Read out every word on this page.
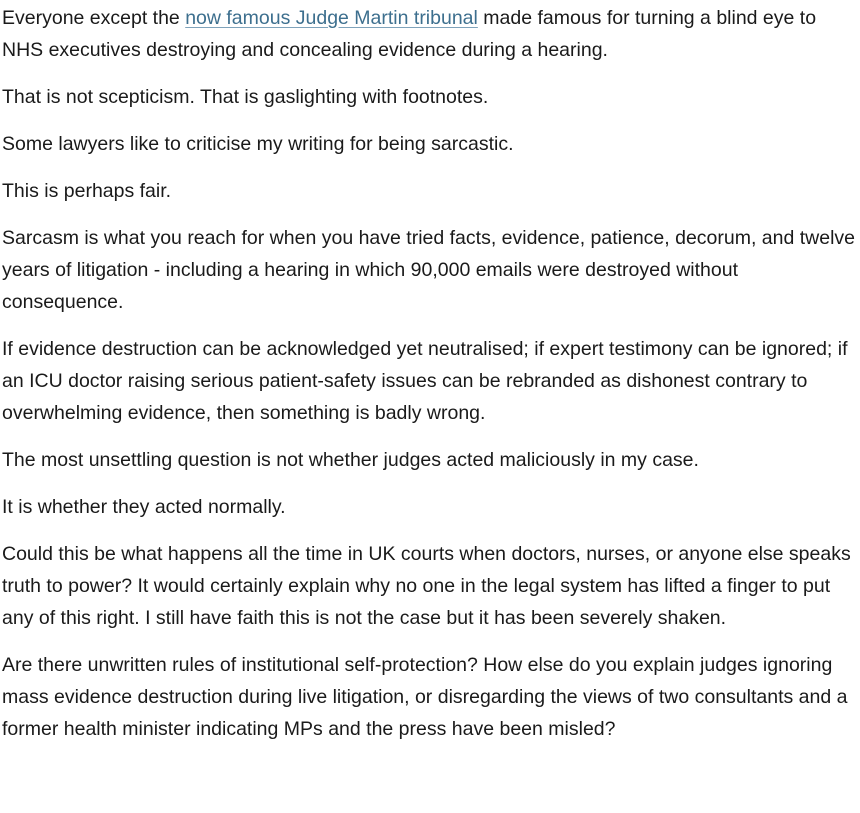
Everyone except the now famous Judge Martin tribunal made famous for turning a blind eye to NHS executives destroying and concealing evidence during a hearing.

That is not scepticism. That is gaslighting with footnotes.

Some lawyers like to criticise my writing for being sarcastic.

This is perhaps fair.

Sarcasm is what you reach for when you have tried facts, evidence, patience, decorum, and twelve years of litigation - including a hearing in which 90,000 emails were destroyed without consequence.

If evidence destruction can be acknowledged yet neutralised; if expert testimony can be ignored; if an ICU doctor raising serious patient-safety issues can be rebranded as dishonest contrary to overwhelming evidence, then something is badly wrong.

The most unsettling question is not whether judges acted maliciously in my case.

It is whether they acted normally.

Could this be what happens all the time in UK courts when doctors, nurses, or anyone else speaks truth to power? It would certainly explain why no one in the legal system has lifted a finger to put any of this right. I still have faith this is not the case but it has been severely shaken.

Are there unwritten rules of institutional self-protection? How else do you explain judges ignoring mass evidence destruction during live litigation, or disregarding the views of two consultants and a former health minister indicating MPs and the press have been misled?
